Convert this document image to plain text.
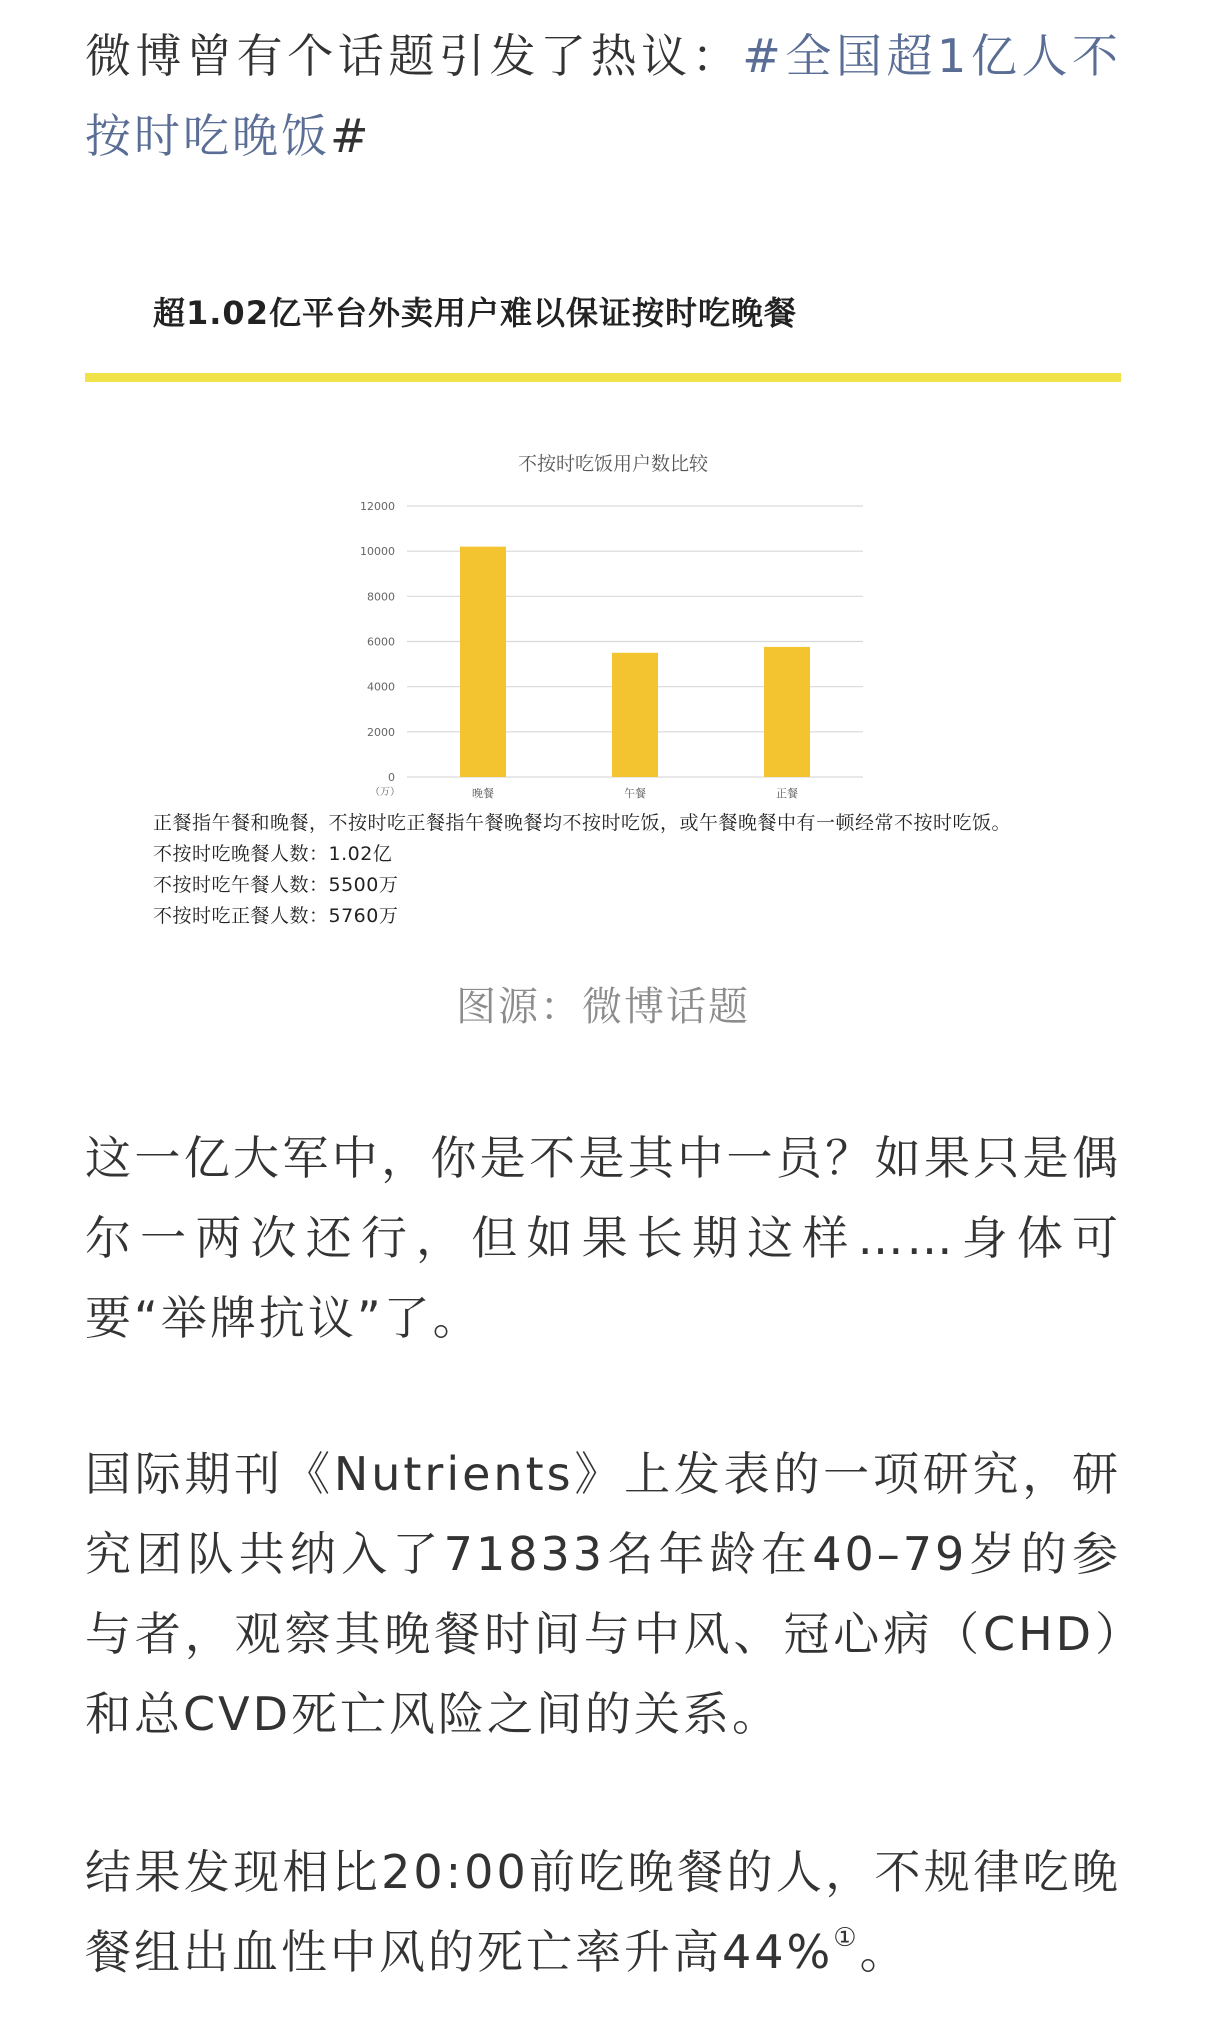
微博曾有个话题引发了热议：#全国超1亿人不按时吃晚饭#

超1.02亿平台外卖用户难以保证按时吃晚餐
不按时吃饭用户数比较
0
2000
4000
6000
8000
10000
12000
（万）	晚餐	午餐	正餐
正餐指午餐和晚餐，不按时吃正餐指午餐晚餐均不按时吃饭，或午餐晚餐中有一顿经常不按时吃饭。
不按时吃晚餐人数：1.02亿
不按时吃午餐人数：5500万
不按时吃正餐人数：5760万
图源：微博话题

这一亿大军中，你是不是其中一员？如果只是偶尔一两次还行，但如果长期这样……身体可要“举牌抗议”了。

国际期刊《Nutrients》上发表的一项研究，研究团队共纳入了71833名年龄在40–79岁的参与者，观察其晚餐时间与中风、冠心病（CHD）和总CVD死亡风险之间的关系。

结果发现相比20:00前吃晚餐的人，不规律吃晚餐组出血性中风的死亡率升高44%①。
